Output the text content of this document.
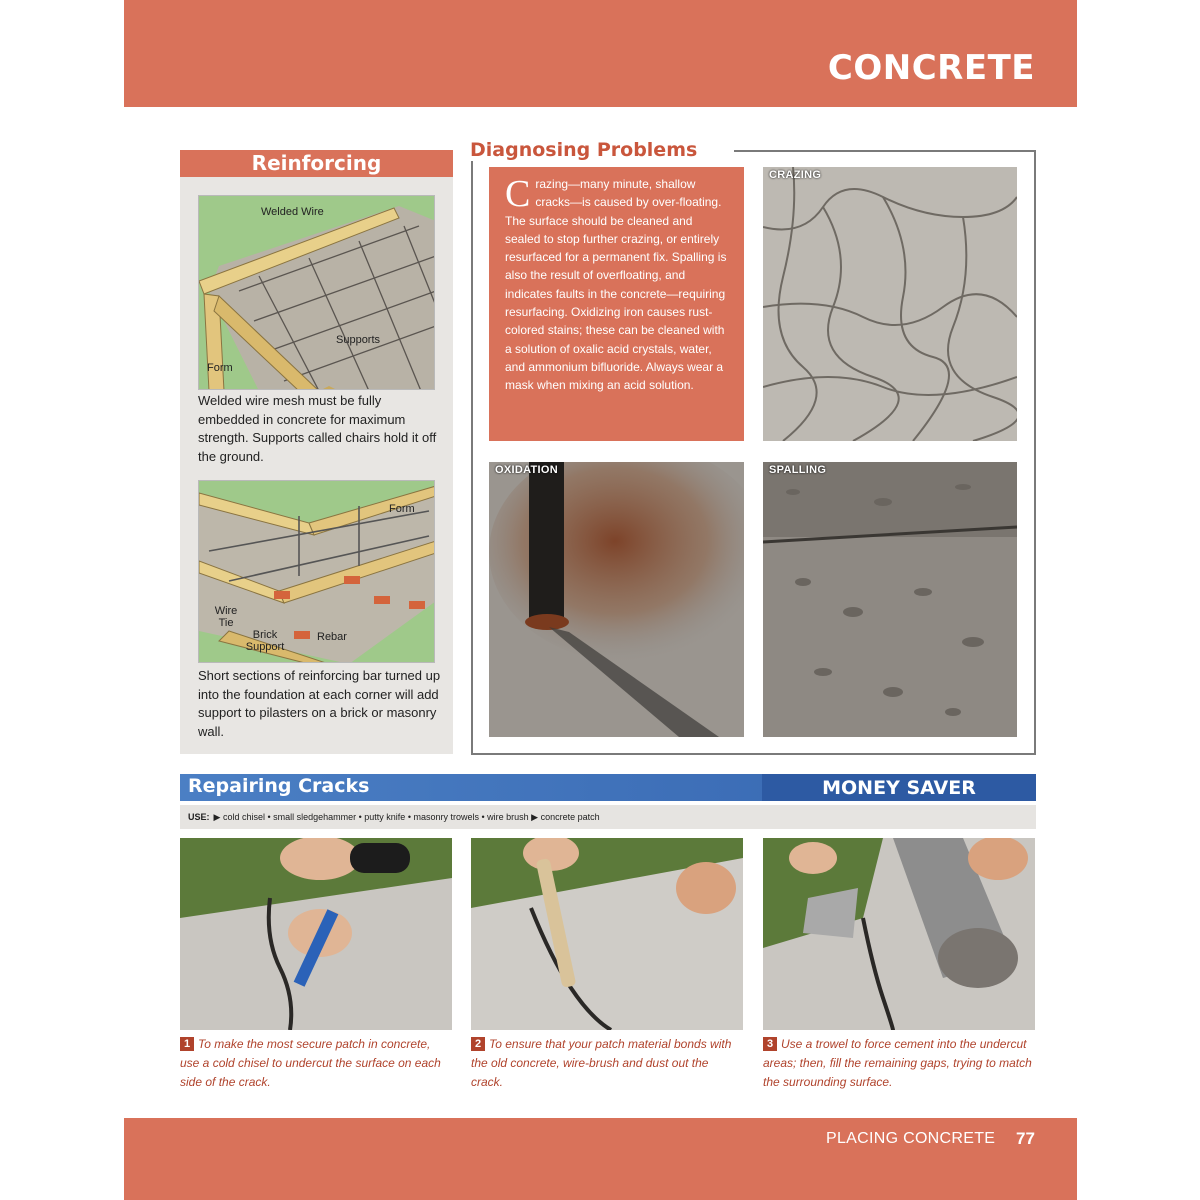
CONCRETE
Reinforcing
Welded Wire
Supports
Form
Welded wire mesh must be fully embedded in concrete for maximum strength. Supports called chairs hold it off the ground.
Form
Wire Tie
Brick Support
Rebar
Short sections of reinforcing bar turned up into the foundation at each corner will add support to pilasters on a brick or masonry wall.
Diagnosing Problems
Crazing—many minute, shallow cracks—is caused by over-floating. The surface should be cleaned and sealed to stop further crazing, or entirely resurfaced for a permanent fix. Spalling is also the result of overfloating, and indicates faults in the concrete—requiring resurfacing. Oxidizing iron causes rust-colored stains; these can be cleaned with a solution of oxalic acid crystals, water, and ammonium bifluoride. Always wear a mask when mixing an acid solution.
CRAZING
OXIDATION	SPALLING
Repairing Cracks	MONEY SAVER
USE: ▶ cold chisel • small sledgehammer • putty knife • masonry trowels • wire brush ▶ concrete patch
1 To make the most secure patch in concrete, use a cold chisel to undercut the surface on each side of the crack.
2 To ensure that your patch material bonds with the old concrete, wire-brush and dust out the crack.
3 Use a trowel to force cement into the undercut areas; then, fill the remaining gaps, trying to match the surrounding surface.
PLACING CONCRETE 77
